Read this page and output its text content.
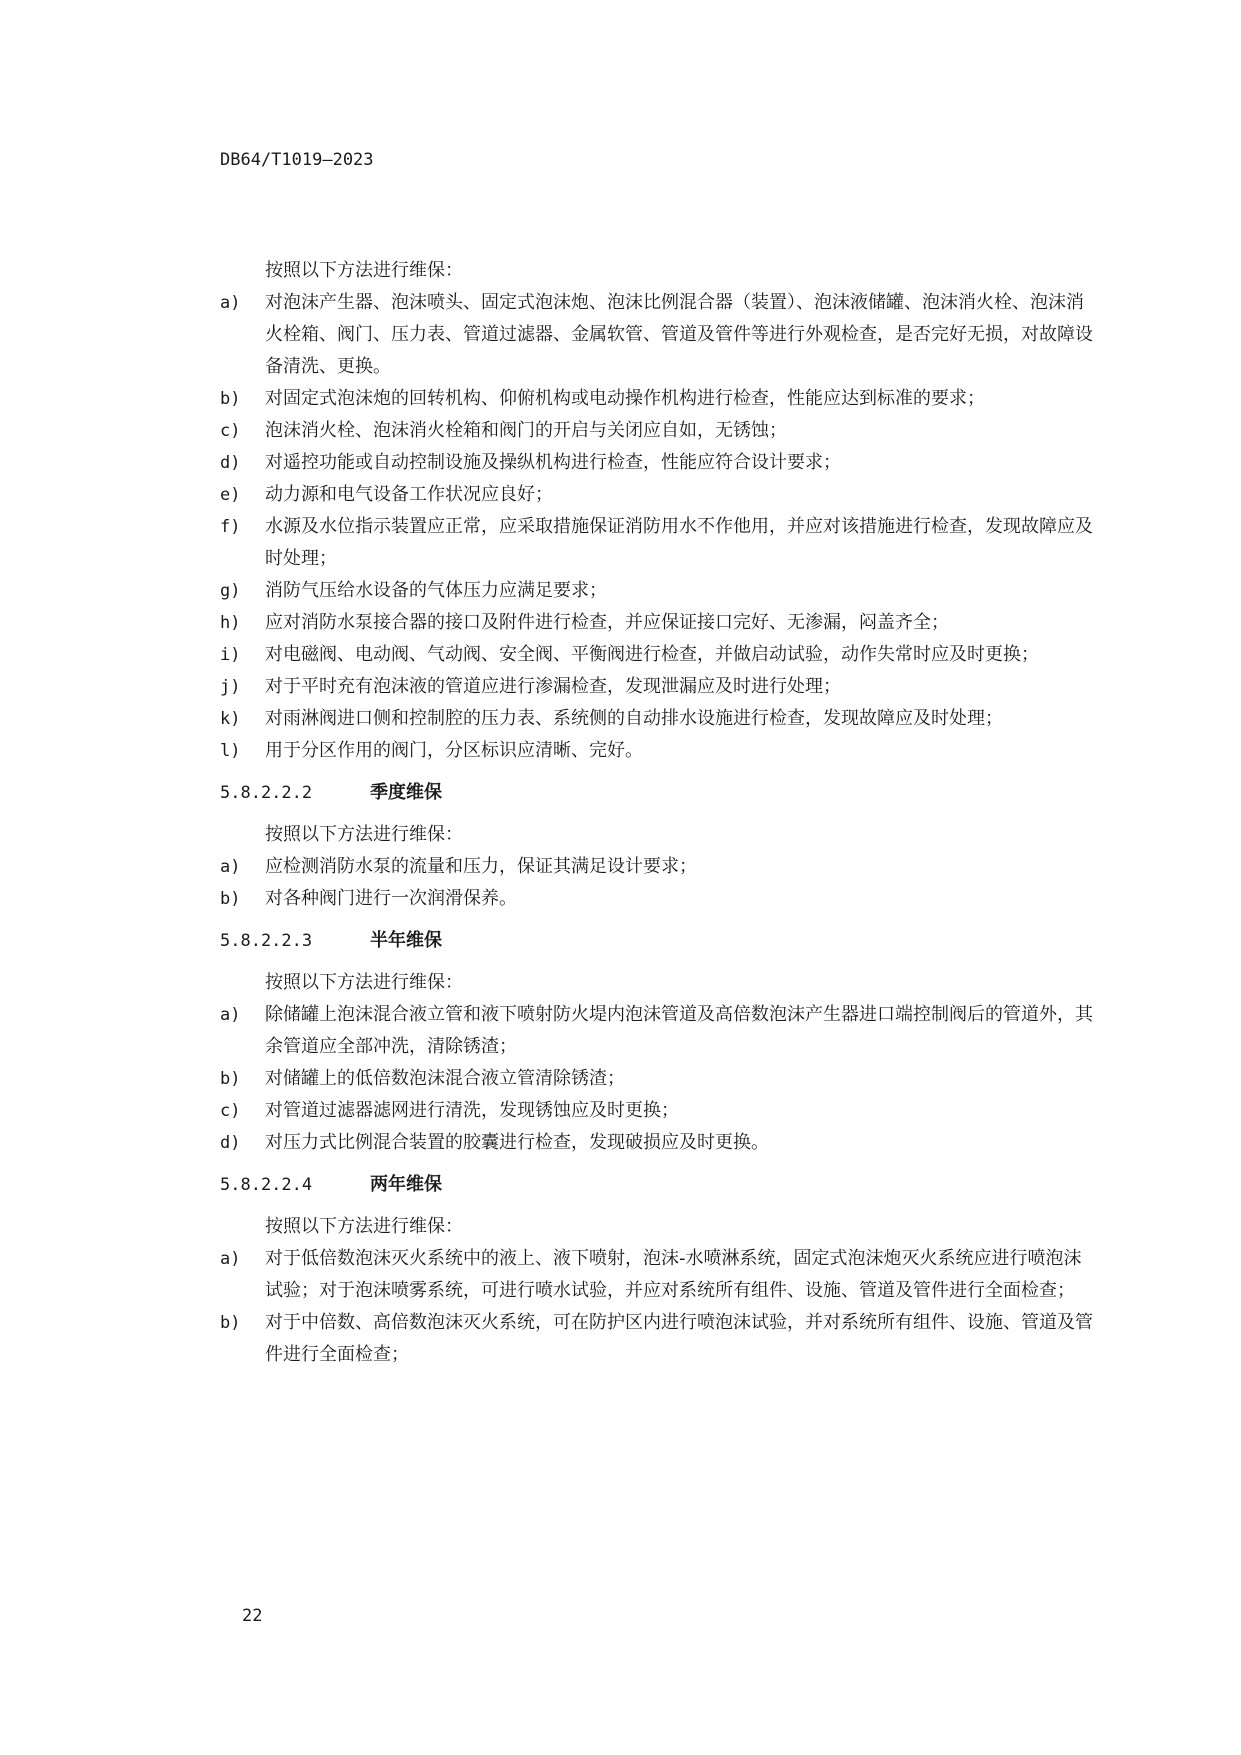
DB64/T1019—2023
按照以下方法进行维保：
a)	对泡沫产生器、泡沫喷头、固定式泡沫炮、泡沫比例混合器（装置）、泡沫液储罐、泡沫消火栓、泡沫消火栓箱、阀门、压力表、管道过滤器、金属软管、管道及管件等进行外观检查，是否完好无损，对故障设备清洗、更换。
b)	对固定式泡沫炮的回转机构、仰俯机构或电动操作机构进行检查，性能应达到标准的要求；
c)	泡沫消火栓、泡沫消火栓箱和阀门的开启与关闭应自如，无锈蚀；
d)	对遥控功能或自动控制设施及操纵机构进行检查，性能应符合设计要求；
e)	动力源和电气设备工作状况应良好；
f)	水源及水位指示装置应正常，应采取措施保证消防用水不作他用，并应对该措施进行检查，发现故障应及时处理；
g)	消防气压给水设备的气体压力应满足要求；
h)	应对消防水泵接合器的接口及附件进行检查，并应保证接口完好、无渗漏，闷盖齐全；
i)	对电磁阀、电动阀、气动阀、安全阀、平衡阀进行检查，并做启动试验，动作失常时应及时更换；
j)	对于平时充有泡沫液的管道应进行渗漏检查，发现泄漏应及时进行处理；
k)	对雨淋阀进口侧和控制腔的压力表、系统侧的自动排水设施进行检查，发现故障应及时处理；
l)	用于分区作用的阀门，分区标识应清晰、完好。
5.8.2.2.2	季度维保
按照以下方法进行维保：
a)	应检测消防水泵的流量和压力，保证其满足设计要求；
b)	对各种阀门进行一次润滑保养。
5.8.2.2.3	半年维保
按照以下方法进行维保：
a)	除储罐上泡沫混合液立管和液下喷射防火堤内泡沫管道及高倍数泡沫产生器进口端控制阀后的管道外，其余管道应全部冲洗，清除锈渣；
b)	对储罐上的低倍数泡沫混合液立管清除锈渣；
c)	对管道过滤器滤网进行清洗，发现锈蚀应及时更换；
d)	对压力式比例混合装置的胶囊进行检查，发现破损应及时更换。
5.8.2.2.4	两年维保
按照以下方法进行维保：
a)	对于低倍数泡沫灭火系统中的液上、液下喷射，泡沫-水喷淋系统，固定式泡沫炮灭火系统应进行喷泡沫试验；对于泡沫喷雾系统，可进行喷水试验，并应对系统所有组件、设施、管道及管件进行全面检查；
b)	对于中倍数、高倍数泡沫灭火系统，可在防护区内进行喷泡沫试验，并对系统所有组件、设施、管道及管件进行全面检查；
22
